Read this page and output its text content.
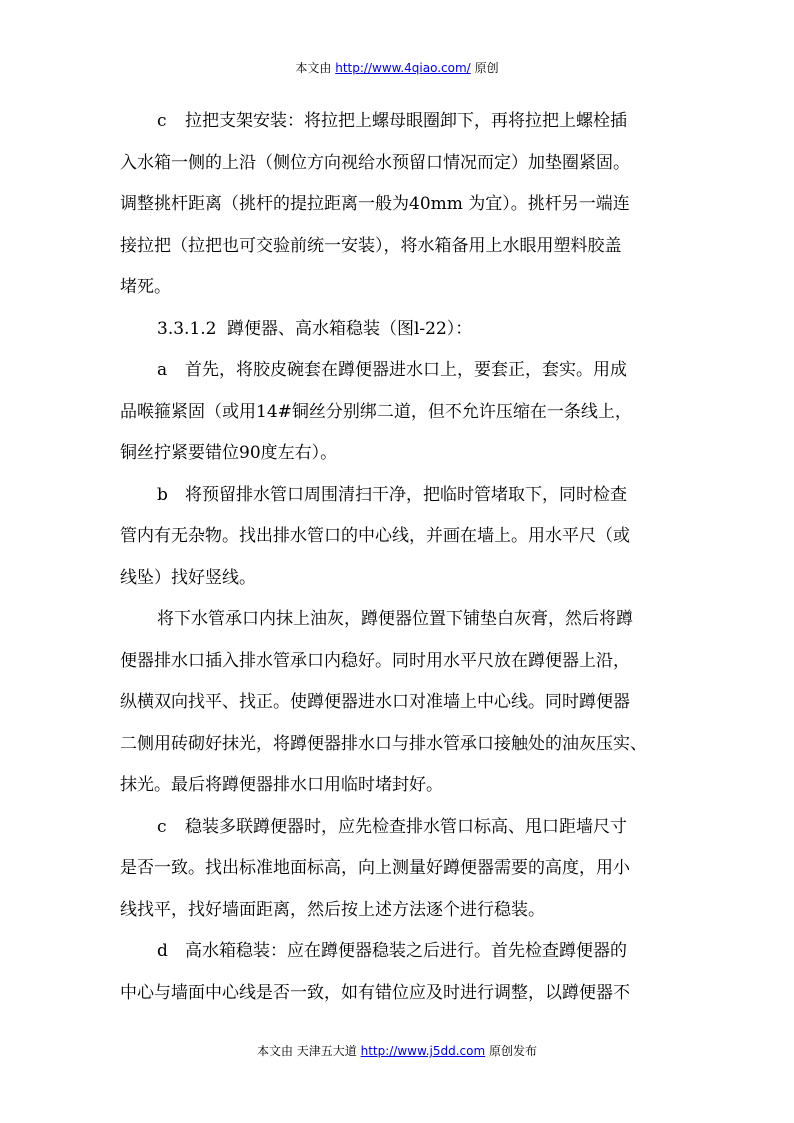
本文由 http://www.4qiao.com/ 原创
c 拉把支架安装：将拉把上螺母眼圈卸下，再将拉把上螺栓插
入水箱一侧的上沿（侧位方向视给水预留口情况而定）加垫圈紧固。
调整挑杆距离（挑杆的提拉距离一般为40mm 为宜）。挑杆另一端连
接拉把（拉把也可交验前统一安装），将水箱备用上水眼用塑料胶盖
堵死。
3.3.1.2 蹲便器、高水箱稳装（图l-22）：
a 首先，将胶皮碗套在蹲便器进水口上，要套正，套实。用成
品喉箍紧固（或用14#铜丝分别绑二道，但不允许压缩在一条线上，
铜丝拧紧要错位90度左右）。
b 将预留排水管口周围清扫干净，把临时管堵取下，同时检查
管内有无杂物。找出排水管口的中心线，并画在墙上。用水平尺（或
线坠）找好竖线。
将下水管承口内抹上油灰，蹲便器位置下铺垫白灰膏，然后将蹲
便器排水口插入排水管承口内稳好。同时用水平尺放在蹲便器上沿，
纵横双向找平、找正。使蹲便器进水口对准墙上中心线。同时蹲便器
二侧用砖砌好抹光，将蹲便器排水口与排水管承口接触处的油灰压实、
抹光。最后将蹲便器排水口用临时堵封好。
c 稳装多联蹲便器时，应先检查排水管口标高、甩口距墙尺寸
是否一致。找出标准地面标高，向上测量好蹲便器需要的高度，用小
线找平，找好墙面距离，然后按上述方法逐个进行稳装。
d 高水箱稳装：应在蹲便器稳装之后进行。首先检查蹲便器的
中心与墙面中心线是否一致，如有错位应及时进行调整，以蹲便器不
本文由 天津五大道 http://www.j5dd.com 原创发布
